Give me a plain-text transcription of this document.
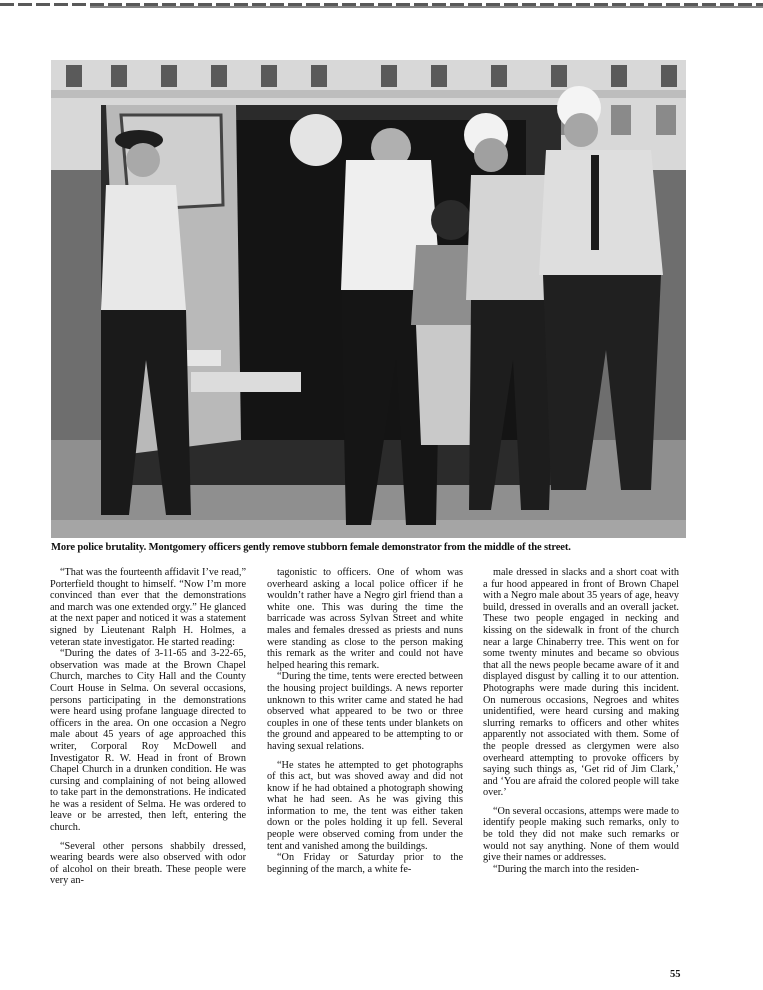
More police brutality. Montgomery officers gently remove stubborn female demonstrator from the middle of the street.

“That was the fourteenth affidavit I’ve read,” Porterfield thought to himself. “Now I’m more convinced than ever that the demonstrations and march was one extended orgy.” He glanced at the next paper and noticed it was a statement signed by Lieutenant Ralph H. Holmes, a veteran state investigator. He started reading:

“During the dates of 3-11-65 and 3-22-65, observation was made at the Brown Chapel Church, marches to City Hall and the County Court House in Selma. On several occasions, persons participating in the demonstrations were heard using profane language directed to officers in the area. On one occasion a Negro male about 45 years of age approached this writer, Corporal Roy McDowell and Investigator R. W. Head in front of Brown Chapel Church in a drunken condition. He was cursing and complaining of not being allowed to take part in the demonstrations. He indicated he was a resident of Selma. He was ordered to leave or be arrested, then left, entering the church.

“Several other persons shabbily dressed, wearing beards were also observed with odor of alcohol on their breath. These people were very an-

tagonistic to officers. One of whom was overheard asking a local police officer if he wouldn’t rather have a Negro girl friend than a white one. This was during the time the barricade was across Sylvan Street and white males and females dressed as priests and nuns were standing as close to the person making this remark as the writer and could not have helped hearing this remark.

“During the time, tents were erected between the housing project buildings. A news reporter unknown to this writer came and stated he had observed what appeared to be two or three couples in one of these tents under blankets on the ground and appeared to be attempting to or having sexual relations.

“He states he attempted to get photographs of this act, but was shoved away and did not know if he had obtained a photograph showing what he had seen. As he was giving this information to me, the tent was either taken down or the poles holding it up fell. Several people were observed coming from under the tent and vanished among the buildings.

“On Friday or Saturday prior to the beginning of the march, a white fe-

male dressed in slacks and a short coat with a fur hood appeared in front of Brown Chapel with a Negro male about 35 years of age, heavy build, dressed in overalls and an overall jacket. These two people engaged in necking and kissing on the sidewalk in front of the church near a large Chinaberry tree. This went on for some twenty minutes and became so obvious that all the news people became aware of it and displayed disgust by calling it to our attention. Photographs were made during this incident. On numerous occasions, Negroes and whites unidentified, were heard cursing and making slurring remarks to officers and other whites apparently not associated with them. Some of the people dressed as clergymen were also overheard attempting to provoke officers by saying such things as, ‘Get rid of Jim Clark,’ and ‘You are afraid the colored people will take over.’

“On several occasions, attemps were made to identify people making such remarks, only to be told they did not make such remarks or would not say anything. None of them would give their names or addresses.

“During the march into the residen-

55
